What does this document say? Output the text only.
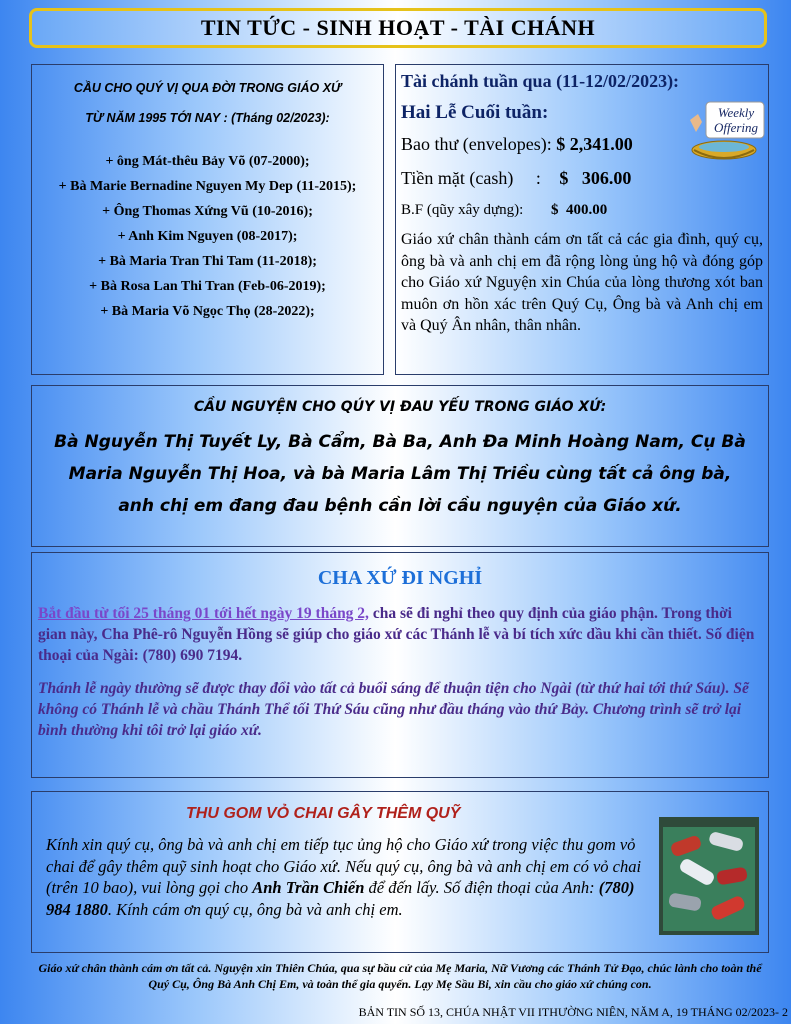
TIN TỨC - SINH HOẠT - TÀI CHÁNH

CẦU CHO QUÝ VỊ QUA ĐỜI TRONG GIÁO XỨ

TỪ NĂM 1995 TỚI NAY : (Tháng 02/2023):

+ ông Mát-thêu Bảy Võ (07-2000);
+ Bà Marie Bernadine Nguyen My Dep (11-2015);
+ Ông Thomas Xứng Vũ (10-2016);
+ Anh Kim Nguyen (08-2017);
+ Bà Maria Tran Thi Tam (11-2018);
+ Bà Rosa Lan Thi Tran (Feb-06-2019);
+ Bà Maria Võ Ngọc Thọ (28-2022);
Tài chánh tuần qua (11-12/02/2023):
Hai Lễ Cuối tuần:
Bao thư (envelopes): $ 2,341.00
Tiền mặt (cash)     : $   306.00
B.F (qũy xây dựng): $  400.00
Giáo xứ chân thành cám ơn tất cả các gia đình, quý cụ, ông bà và anh chị em đã rộng lòng ủng hộ và đóng góp cho Giáo xứ Nguyện xin Chúa của lòng thương xót ban muôn ơn hồn xác trên Quý Cụ, Ông bà và Anh chị em và Quý Ân nhân, thân nhân.
Weekly
Offering

CẦU NGUYỆN CHO QÚY VỊ ĐAU YẾU TRONG GIÁO XỨ:

Bà Nguyễn Thị Tuyết Ly, Bà Cẩm, Bà Ba, Anh Đa Minh Hoàng Nam, Cụ Bà Maria Nguyễn Thị Hoa, và bà Maria Lâm Thị Triều cùng tất cả ông bà, anh chị em đang đau bệnh cần lời cầu nguyện của Giáo xứ.

CHA XỨ ĐI NGHỈ

Bắt đầu từ tối 25 tháng 01 tới hết ngày 19 tháng 2, cha sẽ đi nghỉ theo quy định của giáo phận. Trong thời gian này, Cha Phê-rô Nguyễn Hồng sẽ giúp cho giáo xứ các Thánh lễ và bí tích xức dầu khi cần thiết. Số điện thoại của Ngài: (780) 690 7194.

Thánh lễ ngày thường sẽ được thay đổi vào tất cả buổi sáng để thuận tiện cho Ngài (từ thứ hai tới thứ Sáu). Sẽ không có Thánh lễ và chầu Thánh Thể tối Thứ Sáu cũng như đầu tháng vào thứ Bảy. Chương trình sẽ trở lại bình thường khi tôi trở lại giáo xứ.

THU GOM VỎ CHAI GÂY THÊM QUỸ

Kính xin quý cụ, ông bà và anh chị em tiếp tục ủng hộ cho Giáo xứ trong việc thu gom vỏ chai để gây thêm quỹ sinh hoạt cho Giáo xứ. Nếu quý cụ, ông bà và anh chị em có vỏ chai (trên 10 bao), vui lòng gọi cho Anh Trần Chiến để đến lấy. Số điện thoại của Anh: (780) 984 1880. Kính cám ơn quý cụ, ông bà và anh chị em.

Giáo xứ chân thành cám ơn tất cả. Nguyện xin Thiên Chúa, qua sự bầu cử của Mẹ Maria, Nữ Vương các Thánh Tử Đạo, chúc lành cho toàn thể Quý Cụ, Ông Bà Anh Chị Em, và toàn thể gia quyến. Lạy Mẹ Sầu Bi, xin cầu cho giáo xứ chúng con.
BẢN TIN SỐ 13, CHÚA NHẬT VII ITHƯỜNG NIÊN, NĂM A, 19 THÁNG 02/2023- 2
